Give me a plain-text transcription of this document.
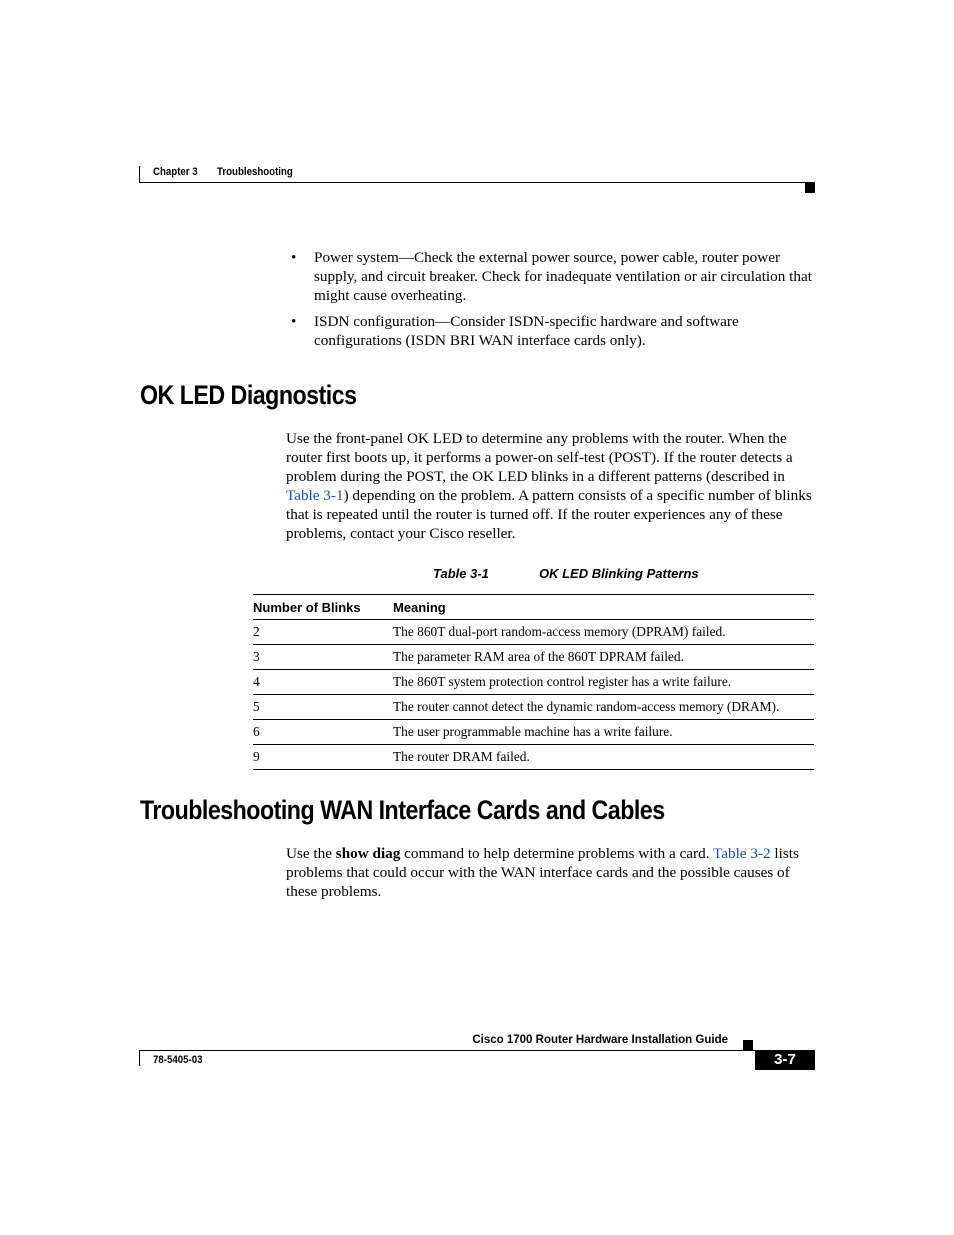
Chapter 3 Troubleshooting
• Power system—Check the external power source, power cable, router power supply, and circuit breaker. Check for inadequate ventilation or air circulation that might cause overheating.
• ISDN configuration—Consider ISDN-specific hardware and software configurations (ISDN BRI WAN interface cards only).
OK LED Diagnostics

Use the front-panel OK LED to determine any problems with the router. When the router first boots up, it performs a power-on self-test (POST). If the router detects a problem during the POST, the OK LED blinks in a different patterns (described in Table 3-1) depending on the problem. A pattern consists of a specific number of blinks that is repeated until the router is turned off. If the router experiences any of these problems, contact your Cisco reseller.

Table 3-1	OK LED Blinking Patterns
Number of Blinks	Meaning
2	The 860T dual-port random-access memory (DPRAM) failed.
3	The parameter RAM area of the 860T DPRAM failed.
4	The 860T system protection control register has a write failure.
5	The router cannot detect the dynamic random-access memory (DRAM).
6	The user programmable machine has a write failure.
9	The router DRAM failed.
Troubleshooting WAN Interface Cards and Cables

Use the show diag command to help determine problems with a card. Table 3-2 lists problems that could occur with the WAN interface cards and the possible causes of these problems.

Cisco 1700 Router Hardware Installation Guide
78-5405-03	3-7
